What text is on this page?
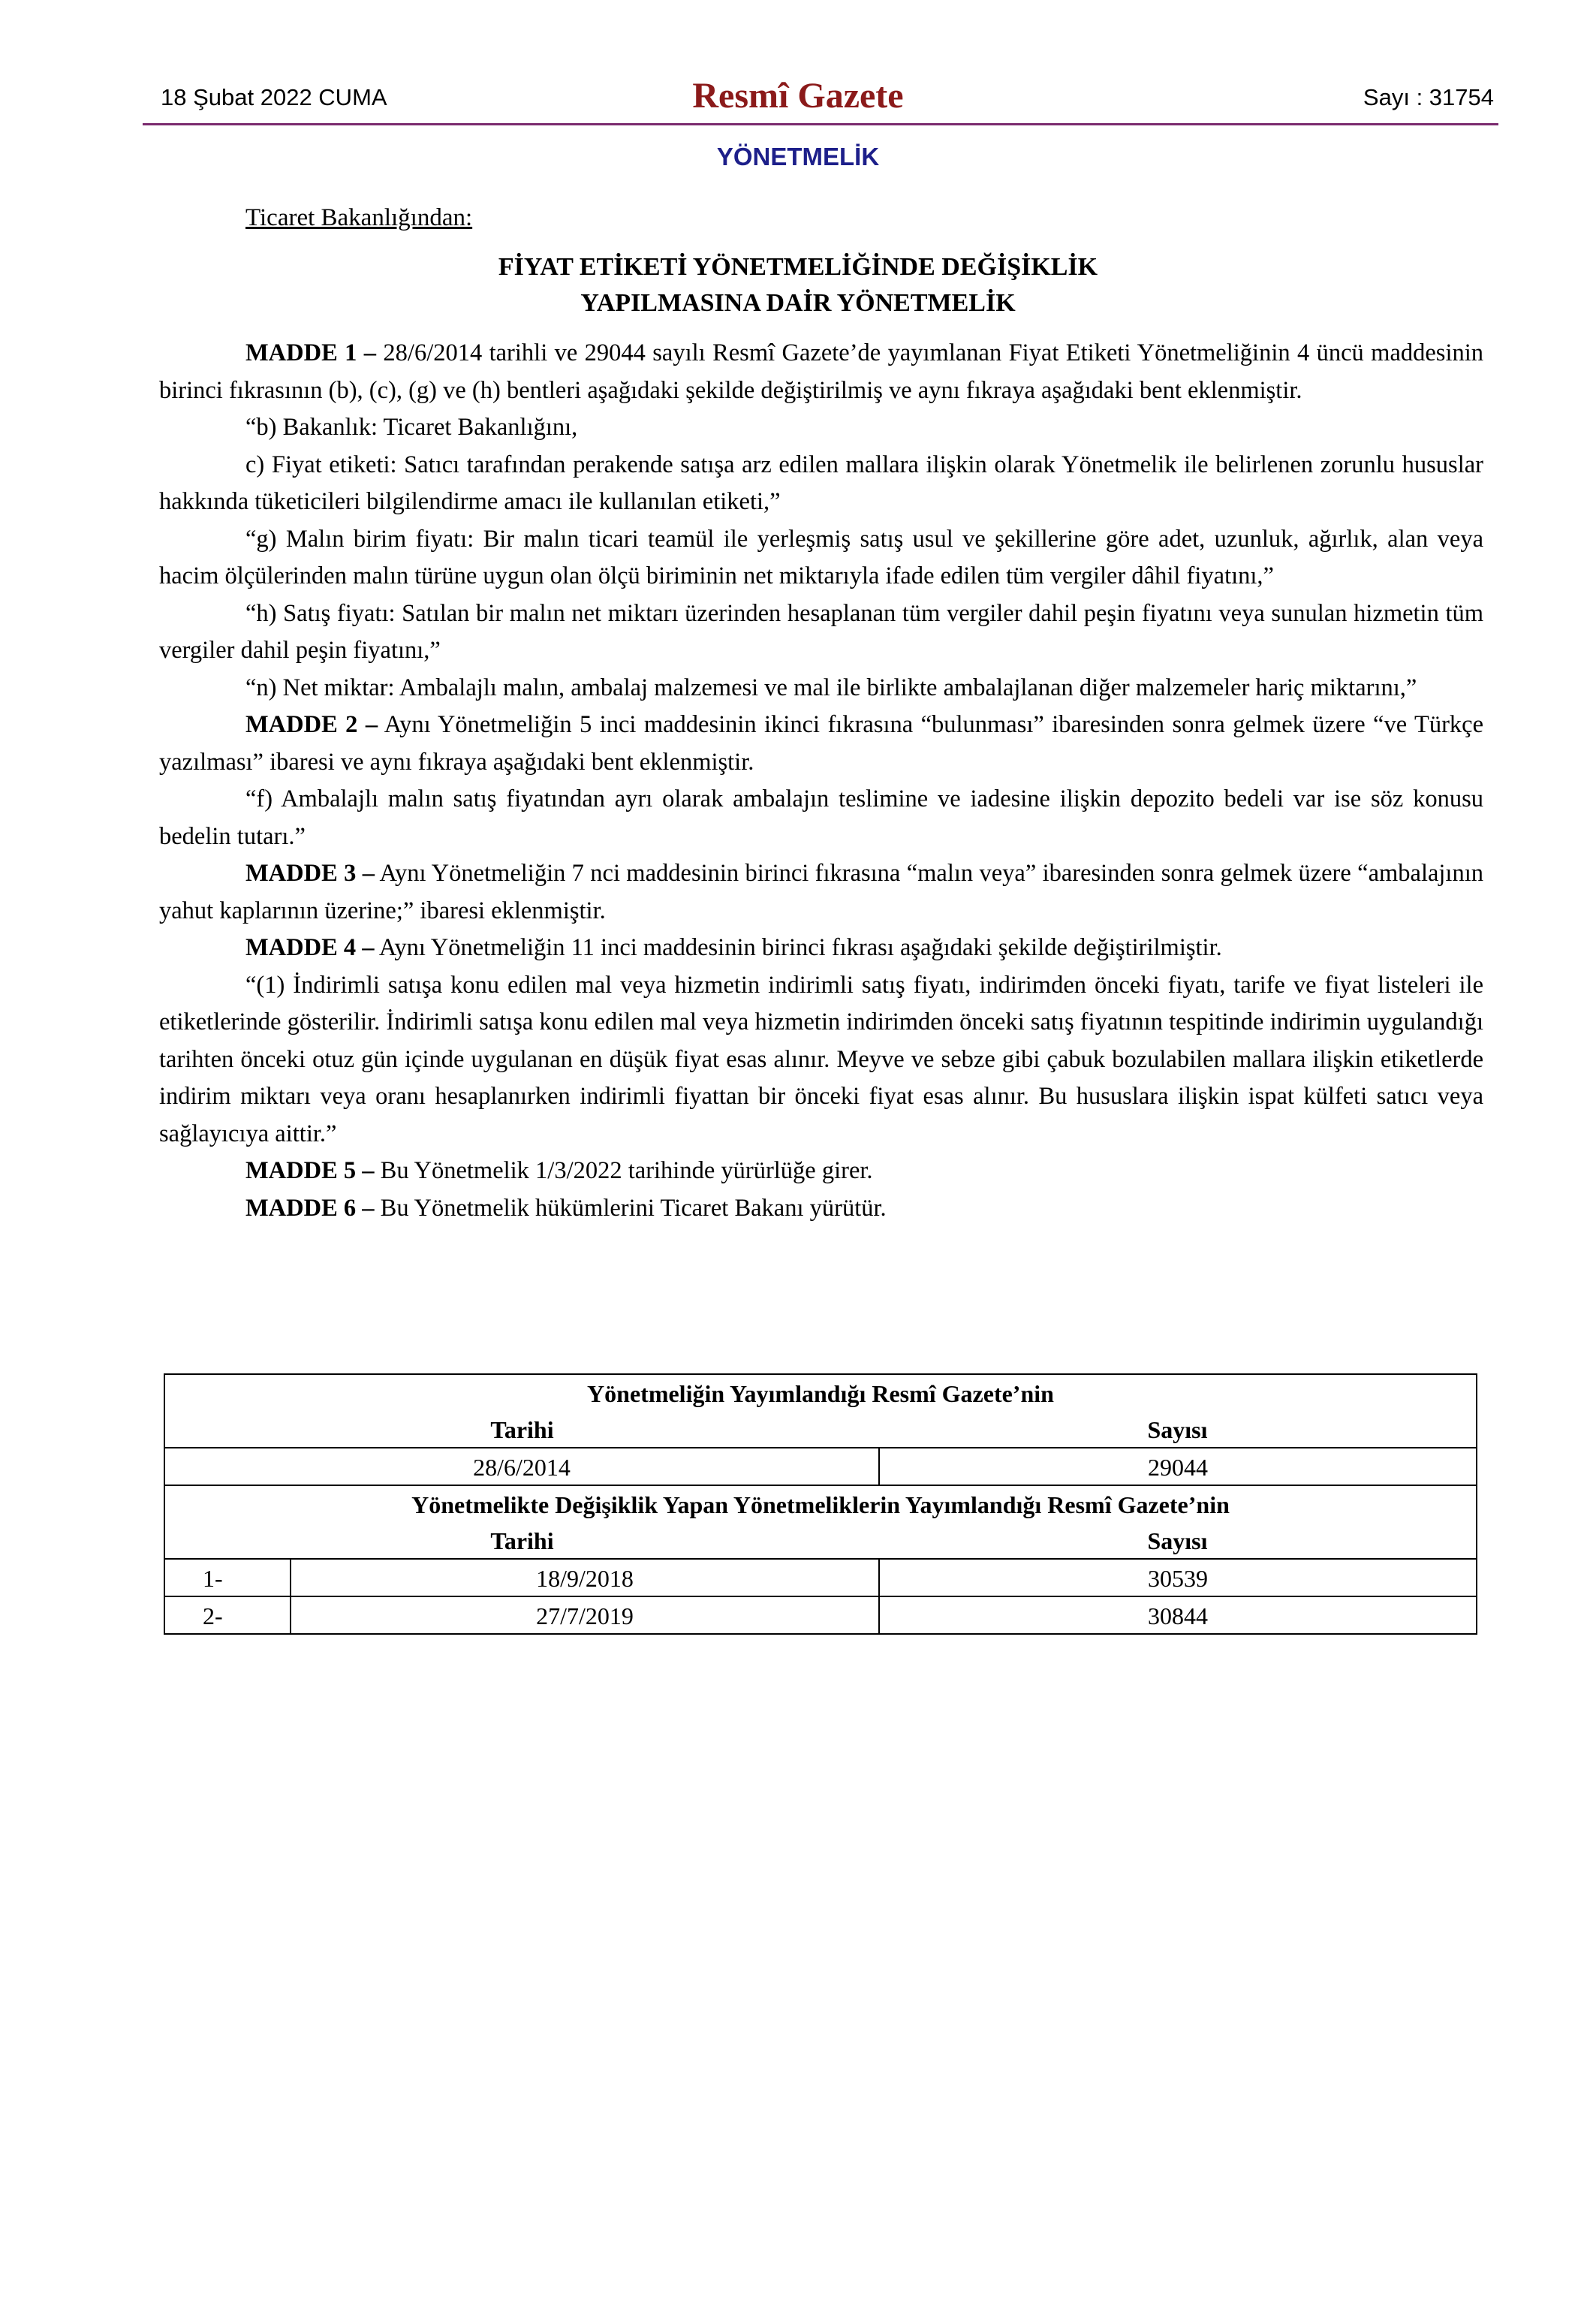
18 Şubat 2022 CUMA	Resmî Gazete	Sayı : 31754
YÖNETMELİK
Ticaret Bakanlığından:
FİYAT ETİKETİ YÖNETMELİĞİNDE DEĞİŞİKLİK
YAPILMASINA DAİR YÖNETMELİK

MADDE 1 – 28/6/2014 tarihli ve 29044 sayılı Resmî Gazete’de yayımlanan Fiyat Etiketi Yönetmeliğinin 4 üncü maddesinin birinci fıkrasının (b), (c), (g) ve (h) bentleri aşağıdaki şekilde değiştirilmiş ve aynı fıkraya aşağıdaki bent eklenmiştir.

“b) Bakanlık: Ticaret Bakanlığını,

c) Fiyat etiketi: Satıcı tarafından perakende satışa arz edilen mallara ilişkin olarak Yönetmelik ile belirlenen zorunlu hususlar hakkında tüketicileri bilgilendirme amacı ile kullanılan etiketi,”

“g) Malın birim fiyatı: Bir malın ticari teamül ile yerleşmiş satış usul ve şekillerine göre adet, uzunluk, ağırlık, alan veya hacim ölçülerinden malın türüne uygun olan ölçü biriminin net miktarıyla ifade edilen tüm vergiler dâhil fiyatını,”

“h) Satış fiyatı: Satılan bir malın net miktarı üzerinden hesaplanan tüm vergiler dahil peşin fiyatını veya sunulan hizmetin tüm vergiler dahil peşin fiyatını,”

“n) Net miktar: Ambalajlı malın, ambalaj malzemesi ve mal ile birlikte ambalajlanan diğer malzemeler hariç miktarını,”

MADDE 2 – Aynı Yönetmeliğin 5 inci maddesinin ikinci fıkrasına “bulunması” ibaresinden sonra gelmek üzere “ve Türkçe yazılması” ibaresi ve aynı fıkraya aşağıdaki bent eklenmiştir.

“f) Ambalajlı malın satış fiyatından ayrı olarak ambalajın teslimine ve iadesine ilişkin depozito bedeli var ise söz konusu bedelin tutarı.”

MADDE 3 – Aynı Yönetmeliğin 7 nci maddesinin birinci fıkrasına “malın veya” ibaresinden sonra gelmek üzere “ambalajının yahut kaplarının üzerine;” ibaresi eklenmiştir.

MADDE 4 – Aynı Yönetmeliğin 11 inci maddesinin birinci fıkrası aşağıdaki şekilde değiştirilmiştir.

“(1) İndirimli satışa konu edilen mal veya hizmetin indirimli satış fiyatı, indirimden önceki fiyatı, tarife ve fiyat listeleri ile etiketlerinde gösterilir. İndirimli satışa konu edilen mal veya hizmetin indirimden önceki satış fiyatının tespitinde indirimin uygulandığı tarihten önceki otuz gün içinde uygulanan en düşük fiyat esas alınır. Meyve ve sebze gibi çabuk bozulabilen mallara ilişkin etiketlerde indirim miktarı veya oranı hesaplanırken indirimli fiyattan bir önceki fiyat esas alınır. Bu hususlara ilişkin ispat külfeti satıcı veya sağlayıcıya aittir.”

MADDE 5 – Bu Yönetmelik 1/3/2022 tarihinde yürürlüğe girer.

MADDE 6 – Bu Yönetmelik hükümlerini Ticaret Bakanı yürütür.

Yönetmeliğin Yayımlandığı Resmî Gazete’nin		
Tarihi		Sayısı
28/6/2014		29044
Yönetmelikte Değişiklik Yapan Yönetmeliklerin Yayımlandığı Resmî Gazete’nin		
Tarihi		Sayısı
1-	18/9/2018	30539
2-	27/7/2019	30844
